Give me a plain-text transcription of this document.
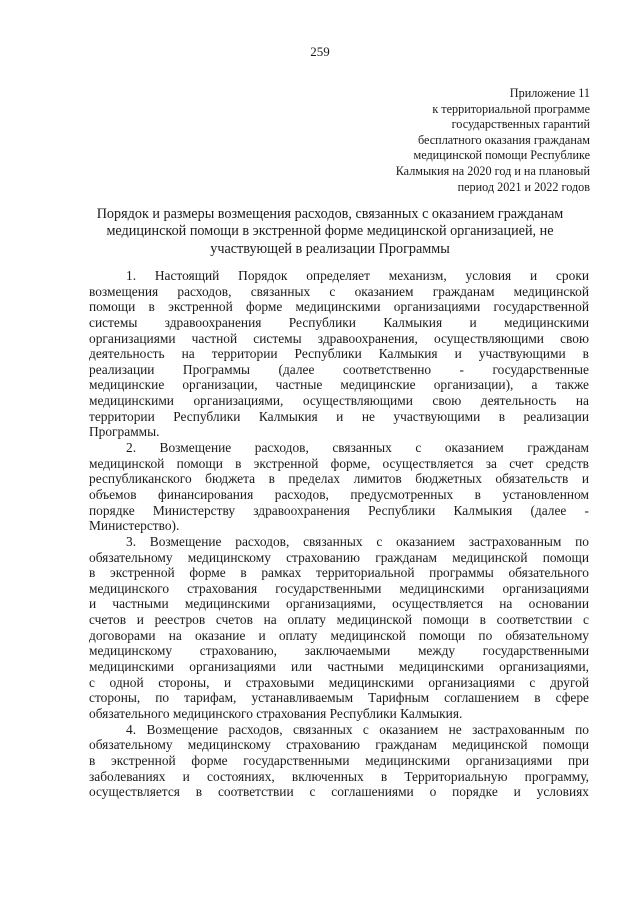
259
Приложение 11
к территориальной программе
государственных гарантий
бесплатного оказания гражданам
медицинской помощи Республике
Калмыкия на 2020 год и на плановый
период 2021 и 2022 годов
Порядок и размеры возмещения расходов, связанных с оказанием гражданам
медицинской помощи в экстренной форме медицинской организацией, не
участвующей в реализации Программы
1. Настоящий Порядок определяет механизм, условия и сроки
возмещения расходов, связанных с оказанием гражданам медицинской
помощи в экстренной форме медицинскими организациями государственной
системы здравоохранения Республики Калмыкия и медицинскими
организациями частной системы здравоохранения, осуществляющими свою
деятельность на территории Республики Калмыкия и участвующими в
реализации Программы (далее соответственно - государственные
медицинские организации, частные медицинские организации), а также
медицинскими организациями, осуществляющими свою деятельность на
территории Республики Калмыкия и не участвующими в реализации
Программы.
2. Возмещение расходов, связанных с оказанием гражданам
медицинской помощи в экстренной форме, осуществляется за счет средств
республиканского бюджета в пределах лимитов бюджетных обязательств и
объемов финансирования расходов, предусмотренных в установленном
порядке Министерству здравоохранения Республики Калмыкия (далее -
Министерство).
3. Возмещение расходов, связанных с оказанием застрахованным по
обязательному медицинскому страхованию гражданам медицинской помощи
в экстренной форме в рамках территориальной программы обязательного
медицинского страхования государственными медицинскими организациями
и частными медицинскими организациями, осуществляется на основании
счетов и реестров счетов на оплату медицинской помощи в соответствии с
договорами на оказание и оплату медицинской помощи по обязательному
медицинскому страхованию, заключаемыми между государственными
медицинскими организациями или частными медицинскими организациями,
с одной стороны, и страховыми медицинскими организациями с другой
стороны, по тарифам, устанавливаемым Тарифным соглашением в сфере
обязательного медицинского страхования Республики Калмыкия.
4. Возмещение расходов, связанных с оказанием не застрахованным по
обязательному медицинскому страхованию гражданам медицинской помощи
в экстренной форме государственными медицинскими организациями при
заболеваниях и состояниях, включенных в Территориальную программу,
осуществляется в соответствии с соглашениями о порядке и условиях
